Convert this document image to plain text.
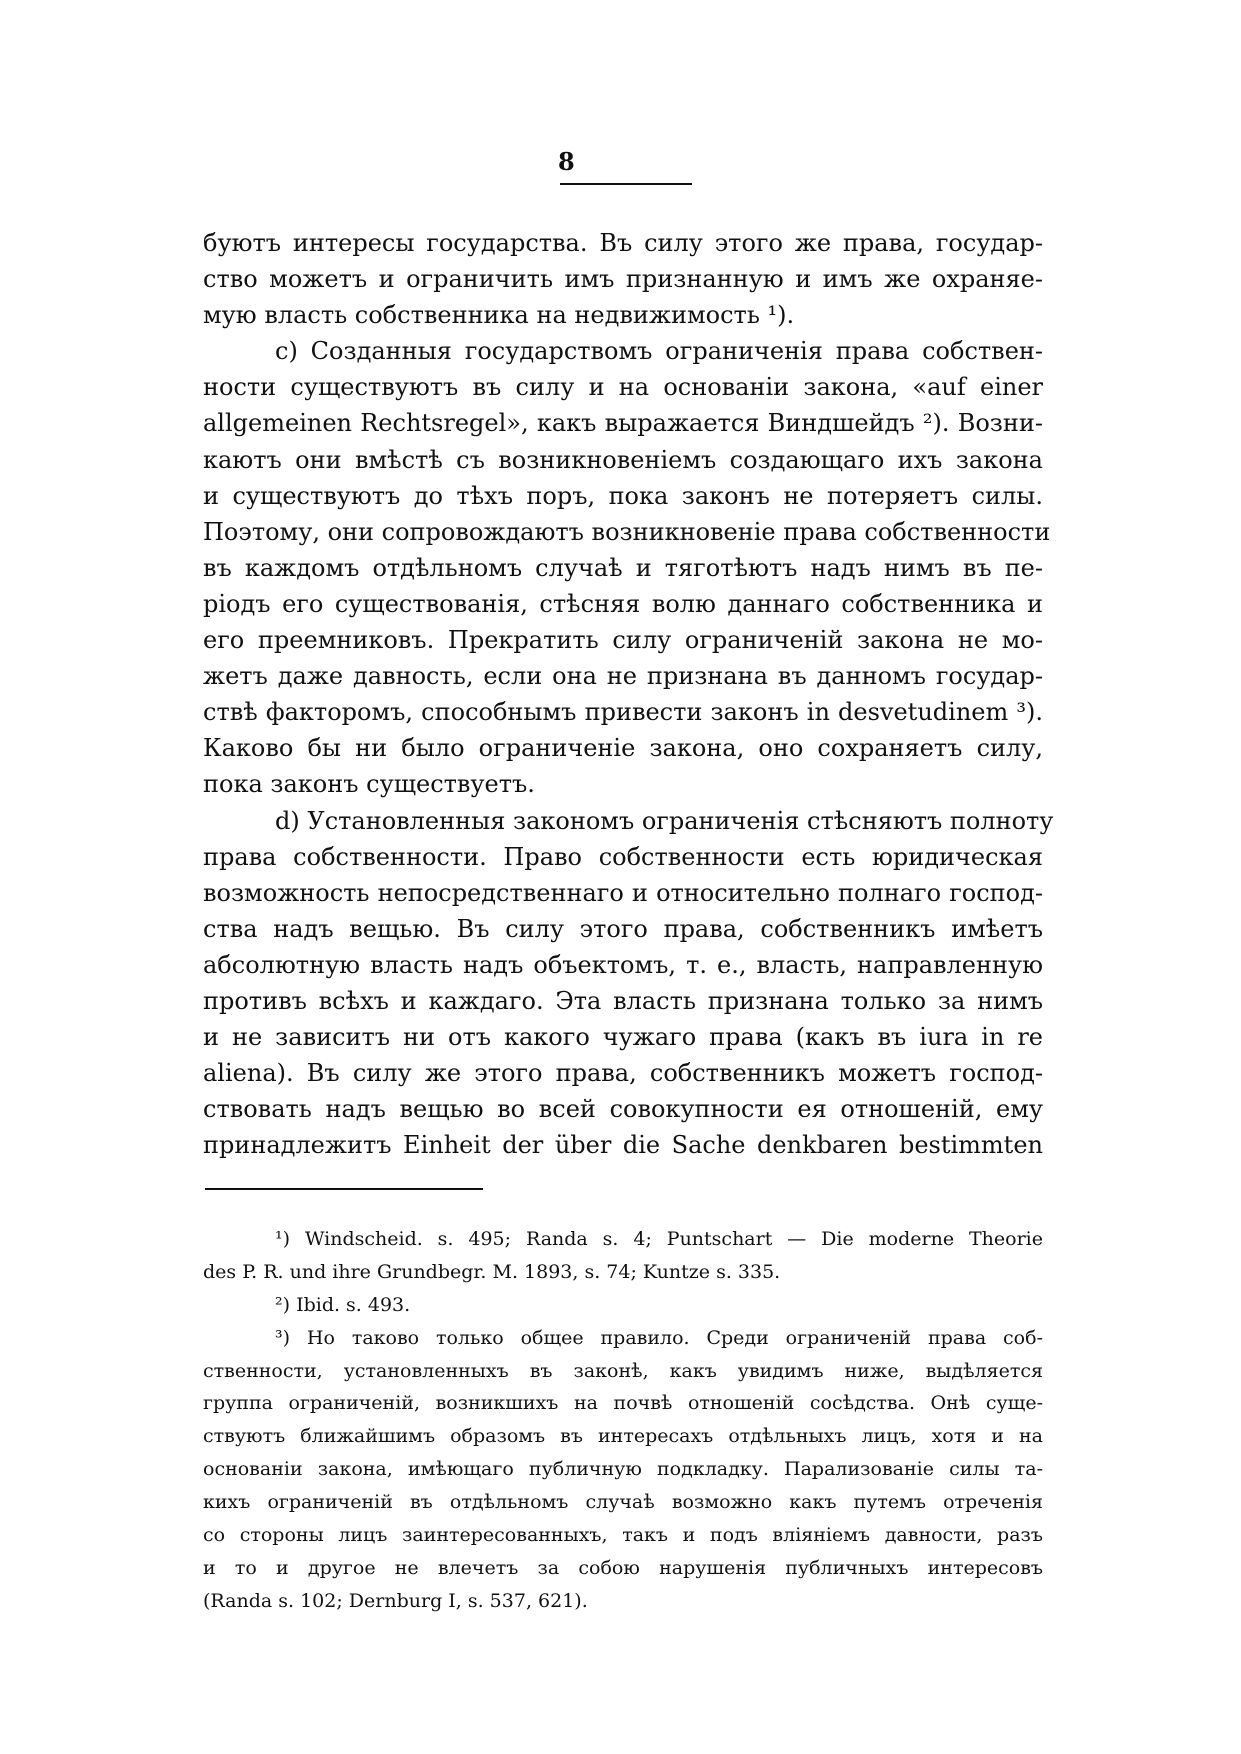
8
буютъ интересы государства. Въ силу этого же права, государ-
ство можетъ и ограничить имъ признанную и имъ же охраняе-
мую власть собственника на недвижимость ¹).
c) Созданныя государствомъ ограниченія права собствен-
ности существуютъ въ силу и на основаніи закона, «auf einer
allgemeinen Rechtsregel», какъ выражается Виндшейдъ ²). Возни-
каютъ они вмѣстѣ съ возникновеніемъ создающаго ихъ закона
и существуютъ до тѣхъ поръ, пока законъ не потеряетъ силы.
Поэтому, они сопровождаютъ возникновеніе права собственности
въ каждомъ отдѣльномъ случаѣ и тяготѣютъ надъ нимъ въ пе-
ріодъ его существованія, стѣсняя волю даннаго собственника и
его преемниковъ. Прекратить силу ограниченій закона не мо-
жетъ даже давность, если она не признана въ данномъ государ-
ствѣ факторомъ, способнымъ привести законъ in desvetudinem ³).
Каково бы ни было ограниченіе закона, оно сохраняетъ силу,
пока законъ существуетъ.
d) Установленныя закономъ ограниченія стѣсняютъ полноту
права собственности. Право собственности есть юридическая
возможность непосредственнаго и относительно полнаго господ-
ства надъ вещью. Въ силу этого права, собственникъ имѣетъ
абсолютную власть надъ объектомъ, т. е., власть, направленную
противъ всѣхъ и каждаго. Эта власть признана только за нимъ
и не зависитъ ни отъ какого чужаго права (какъ въ iura in re
aliena). Въ силу же этого права, собственникъ можетъ господ-
ствовать надъ вещью во всей совокупности ея отношеній, ему
принадлежитъ Einheit der über die Sache denkbaren bestimmten
¹) Windscheid. s. 495; Randa s. 4; Puntschart — Die moderne Theorie
des P. R. und ihre Grundbegr. M. 1893, s. 74; Kuntze s. 335.
²) Ibid. s. 493.
³) Но таково только общее правило. Среди ограниченій права соб-
ственности, установленныхъ въ законѣ, какъ увидимъ ниже, выдѣляется
группа ограниченій, возникшихъ на почвѣ отношеній сосѣдства. Онѣ суще-
ствуютъ ближайшимъ образомъ въ интересахъ отдѣльныхъ лицъ, хотя и на
основаніи закона, имѣющаго публичную подкладку. Парализованіе силы та-
кихъ ограниченій въ отдѣльномъ случаѣ возможно какъ путемъ отреченія
со стороны лицъ заинтересованныхъ, такъ и подъ вліяніемъ давности, разъ
и то и другое не влечетъ за собою нарушенія публичныхъ интересовъ
(Randa s. 102; Dernburg I, s. 537, 621).
